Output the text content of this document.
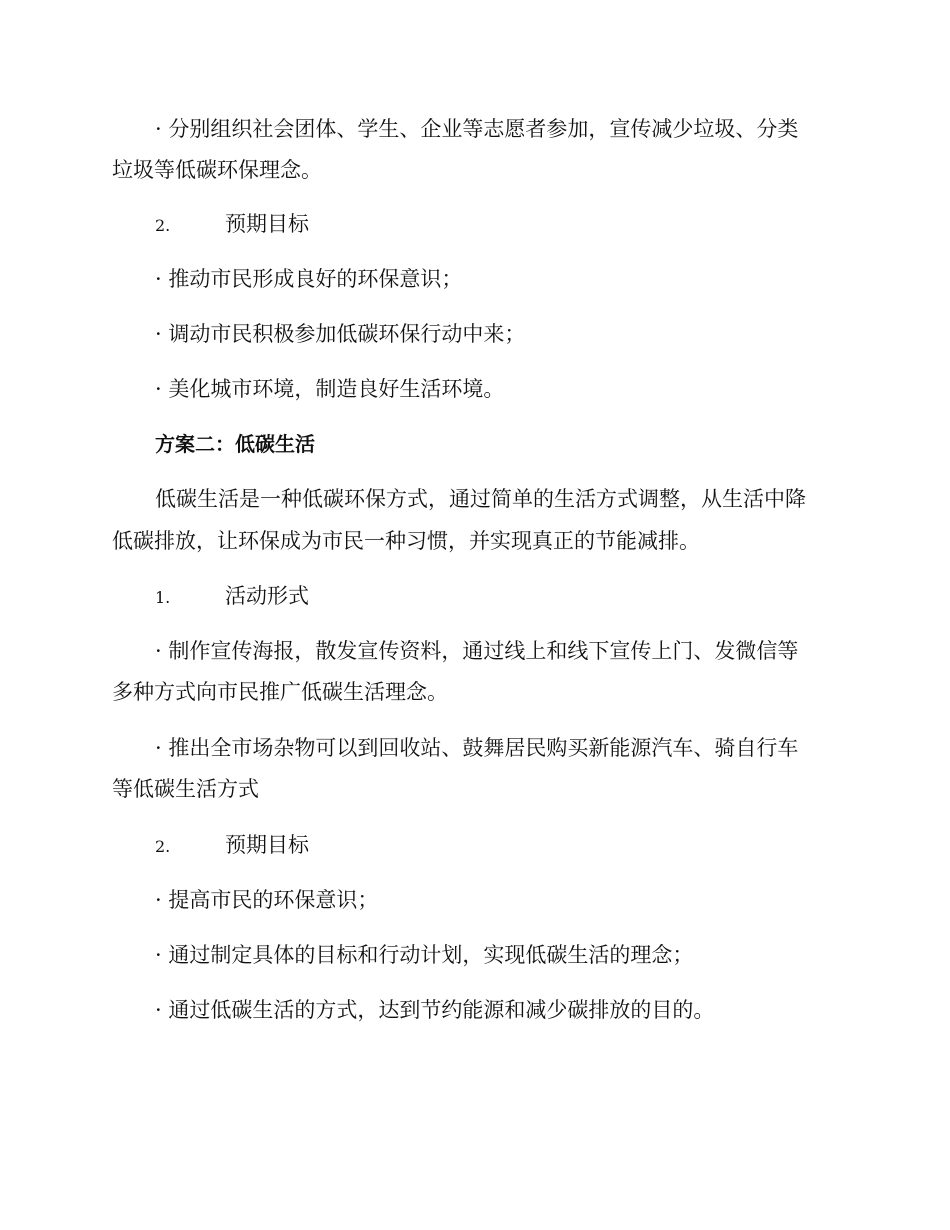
· 分别组织社会团体、学生、企业等志愿者参加，宣传减少垃圾、分类
垃圾等低碳环保理念。
2.	预期目标
· 推动市民形成良好的环保意识；
· 调动市民积极参加低碳环保行动中来；
· 美化城市环境，制造良好生活环境。
方案二：低碳生活
低碳生活是一种低碳环保方式，通过简单的生活方式调整，从生活中降
低碳排放，让环保成为市民一种习惯，并实现真正的节能减排。
1.	活动形式
· 制作宣传海报，散发宣传资料，通过线上和线下宣传上门、发微信等
多种方式向市民推广低碳生活理念。
· 推出全市场杂物可以到回收站、鼓舞居民购买新能源汽车、骑自行车
等低碳生活方式
2.	预期目标
· 提高市民的环保意识；
· 通过制定具体的目标和行动计划，实现低碳生活的理念；
· 通过低碳生活的方式，达到节约能源和减少碳排放的目的。
